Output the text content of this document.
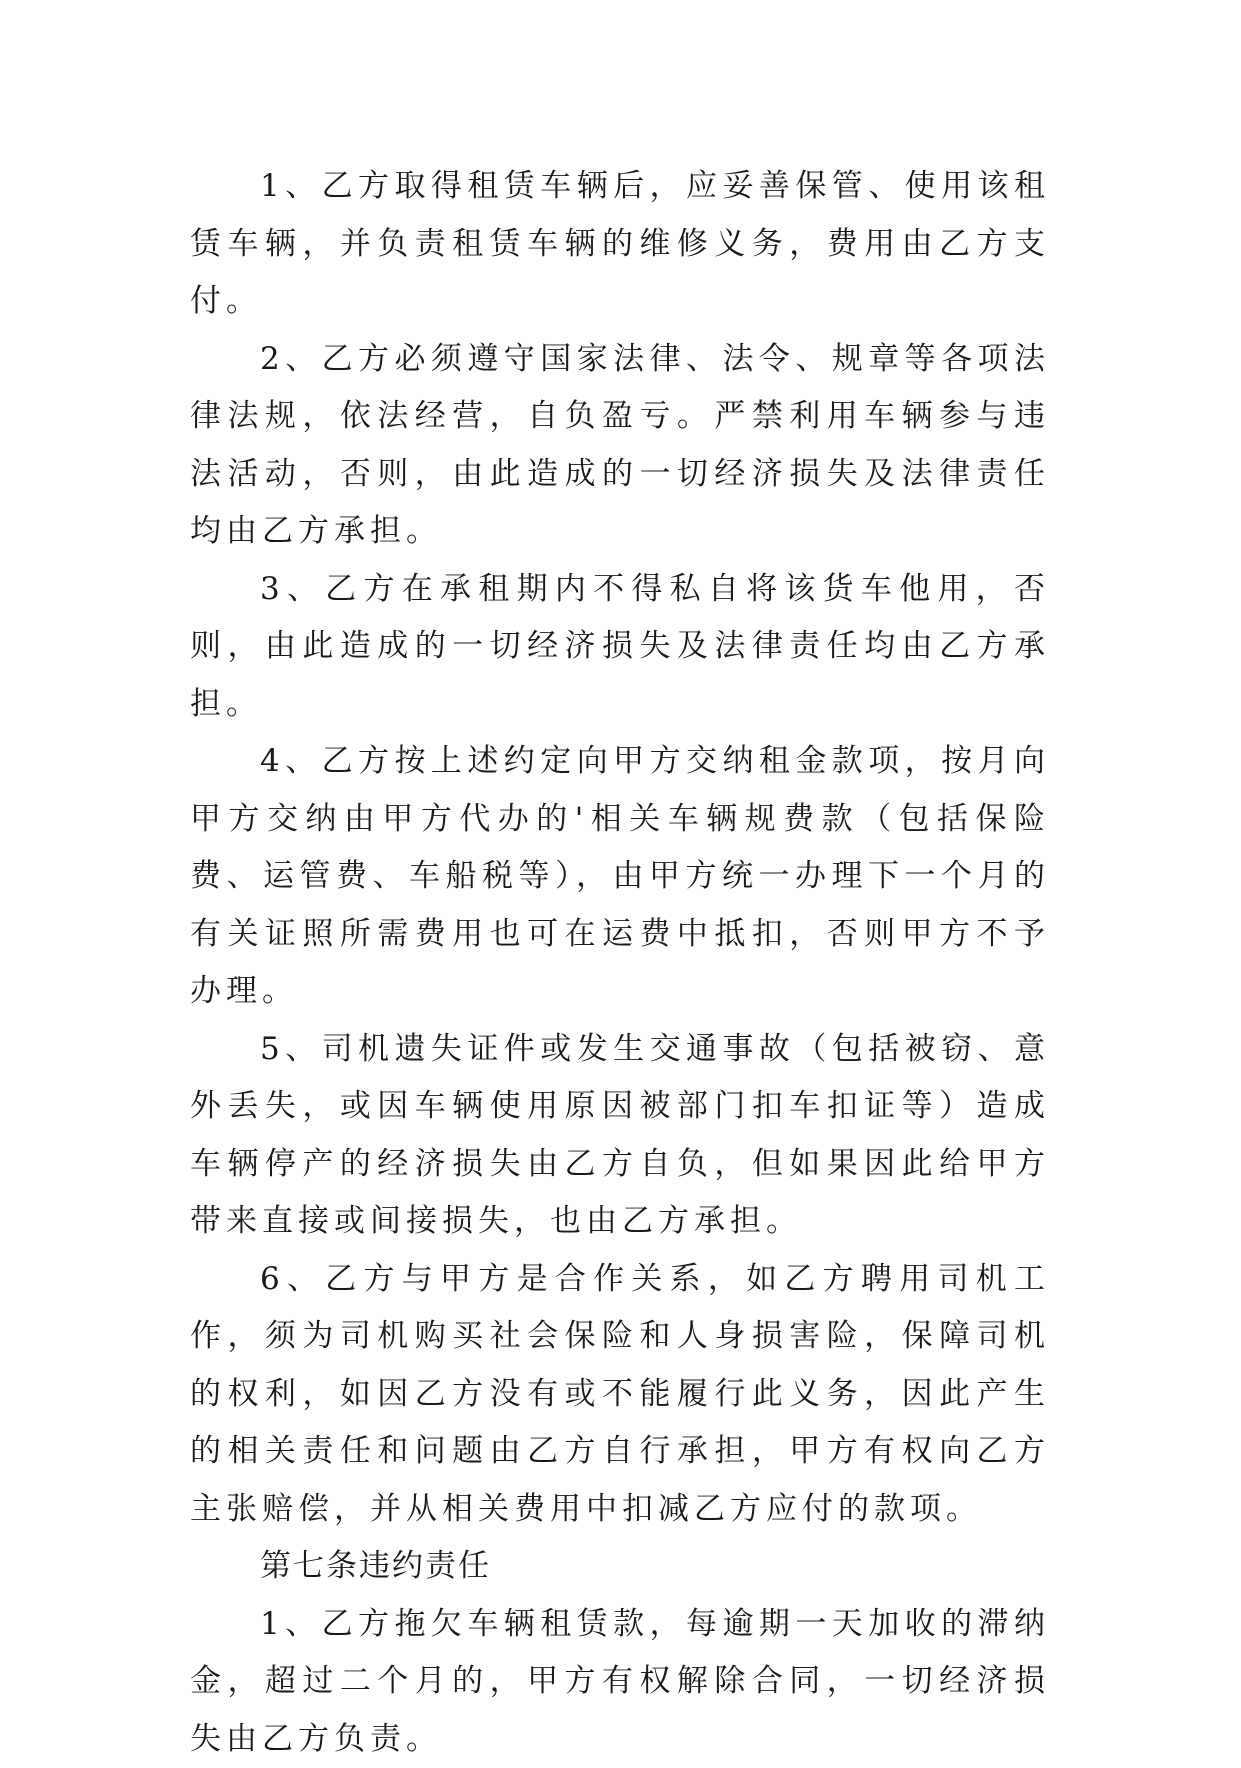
1、乙方取得租赁车辆后，应妥善保管、使用该租赁车辆，并负责租赁车辆的维修义务，费用由乙方支付。

2、乙方必须遵守国家法律、法令、规章等各项法律法规，依法经营，自负盈亏。严禁利用车辆参与违法活动，否则，由此造成的一切经济损失及法律责任均由乙方承担。

3、乙方在承租期内不得私自将该货车他用，否则，由此造成的一切经济损失及法律责任均由乙方承担。

4、乙方按上述约定向甲方交纳租金款项，按月向甲方交纳由甲方代办的'相关车辆规费款（包括保险费、运管费、车船税等），由甲方统一办理下一个月的有关证照所需费用也可在运费中抵扣，否则甲方不予办理。

5、司机遗失证件或发生交通事故（包括被窃、意外丢失，或因车辆使用原因被部门扣车扣证等）造成车辆停产的经济损失由乙方自负，但如果因此给甲方带来直接或间接损失，也由乙方承担。

6、乙方与甲方是合作关系，如乙方聘用司机工作，须为司机购买社会保险和人身损害险，保障司机的权利，如因乙方没有或不能履行此义务，因此产生的相关责任和问题由乙方自行承担，甲方有权向乙方主张赔偿，并从相关费用中扣减乙方应付的款项。

第七条违约责任

1、乙方拖欠车辆租赁款，每逾期一天加收的滞纳金，超过二个月的，甲方有权解除合同，一切经济损失由乙方负责。
